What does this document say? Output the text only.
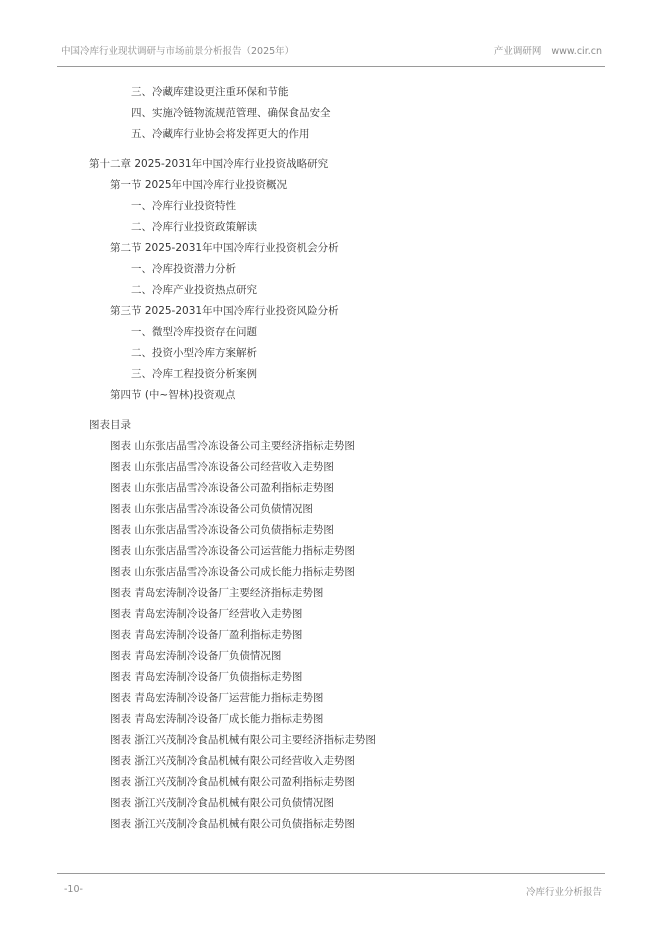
中国冷库行业现状调研与市场前景分析报告（2025年）	产业调研网 www.cir.cn
三、冷藏库建设更注重环保和节能
四、实施冷链物流规范管理、确保食品安全
五、冷藏库行业协会将发挥更大的作用
第十二章 2025-2031年中国冷库行业投资战略研究
第一节 2025年中国冷库行业投资概况
一、冷库行业投资特性
二、冷库行业投资政策解读
第二节 2025-2031年中国冷库行业投资机会分析
一、冷库投资潜力分析
二、冷库产业投资热点研究
第三节 2025-2031年中国冷库行业投资风险分析
一、微型冷库投资存在问题
二、投资小型冷库方案解析
三、冷库工程投资分析案例
第四节 (中~智林)投资观点
图表目录
图表 山东张店晶雪冷冻设备公司主要经济指标走势图
图表 山东张店晶雪冷冻设备公司经营收入走势图
图表 山东张店晶雪冷冻设备公司盈利指标走势图
图表 山东张店晶雪冷冻设备公司负债情况图
图表 山东张店晶雪冷冻设备公司负债指标走势图
图表 山东张店晶雪冷冻设备公司运营能力指标走势图
图表 山东张店晶雪冷冻设备公司成长能力指标走势图
图表 青岛宏涛制冷设备厂主要经济指标走势图
图表 青岛宏涛制冷设备厂经营收入走势图
图表 青岛宏涛制冷设备厂盈利指标走势图
图表 青岛宏涛制冷设备厂负债情况图
图表 青岛宏涛制冷设备厂负债指标走势图
图表 青岛宏涛制冷设备厂运营能力指标走势图
图表 青岛宏涛制冷设备厂成长能力指标走势图
图表 浙江兴茂制冷食品机械有限公司主要经济指标走势图
图表 浙江兴茂制冷食品机械有限公司经营收入走势图
图表 浙江兴茂制冷食品机械有限公司盈利指标走势图
图表 浙江兴茂制冷食品机械有限公司负债情况图
图表 浙江兴茂制冷食品机械有限公司负债指标走势图
-10-	冷库行业分析报告
